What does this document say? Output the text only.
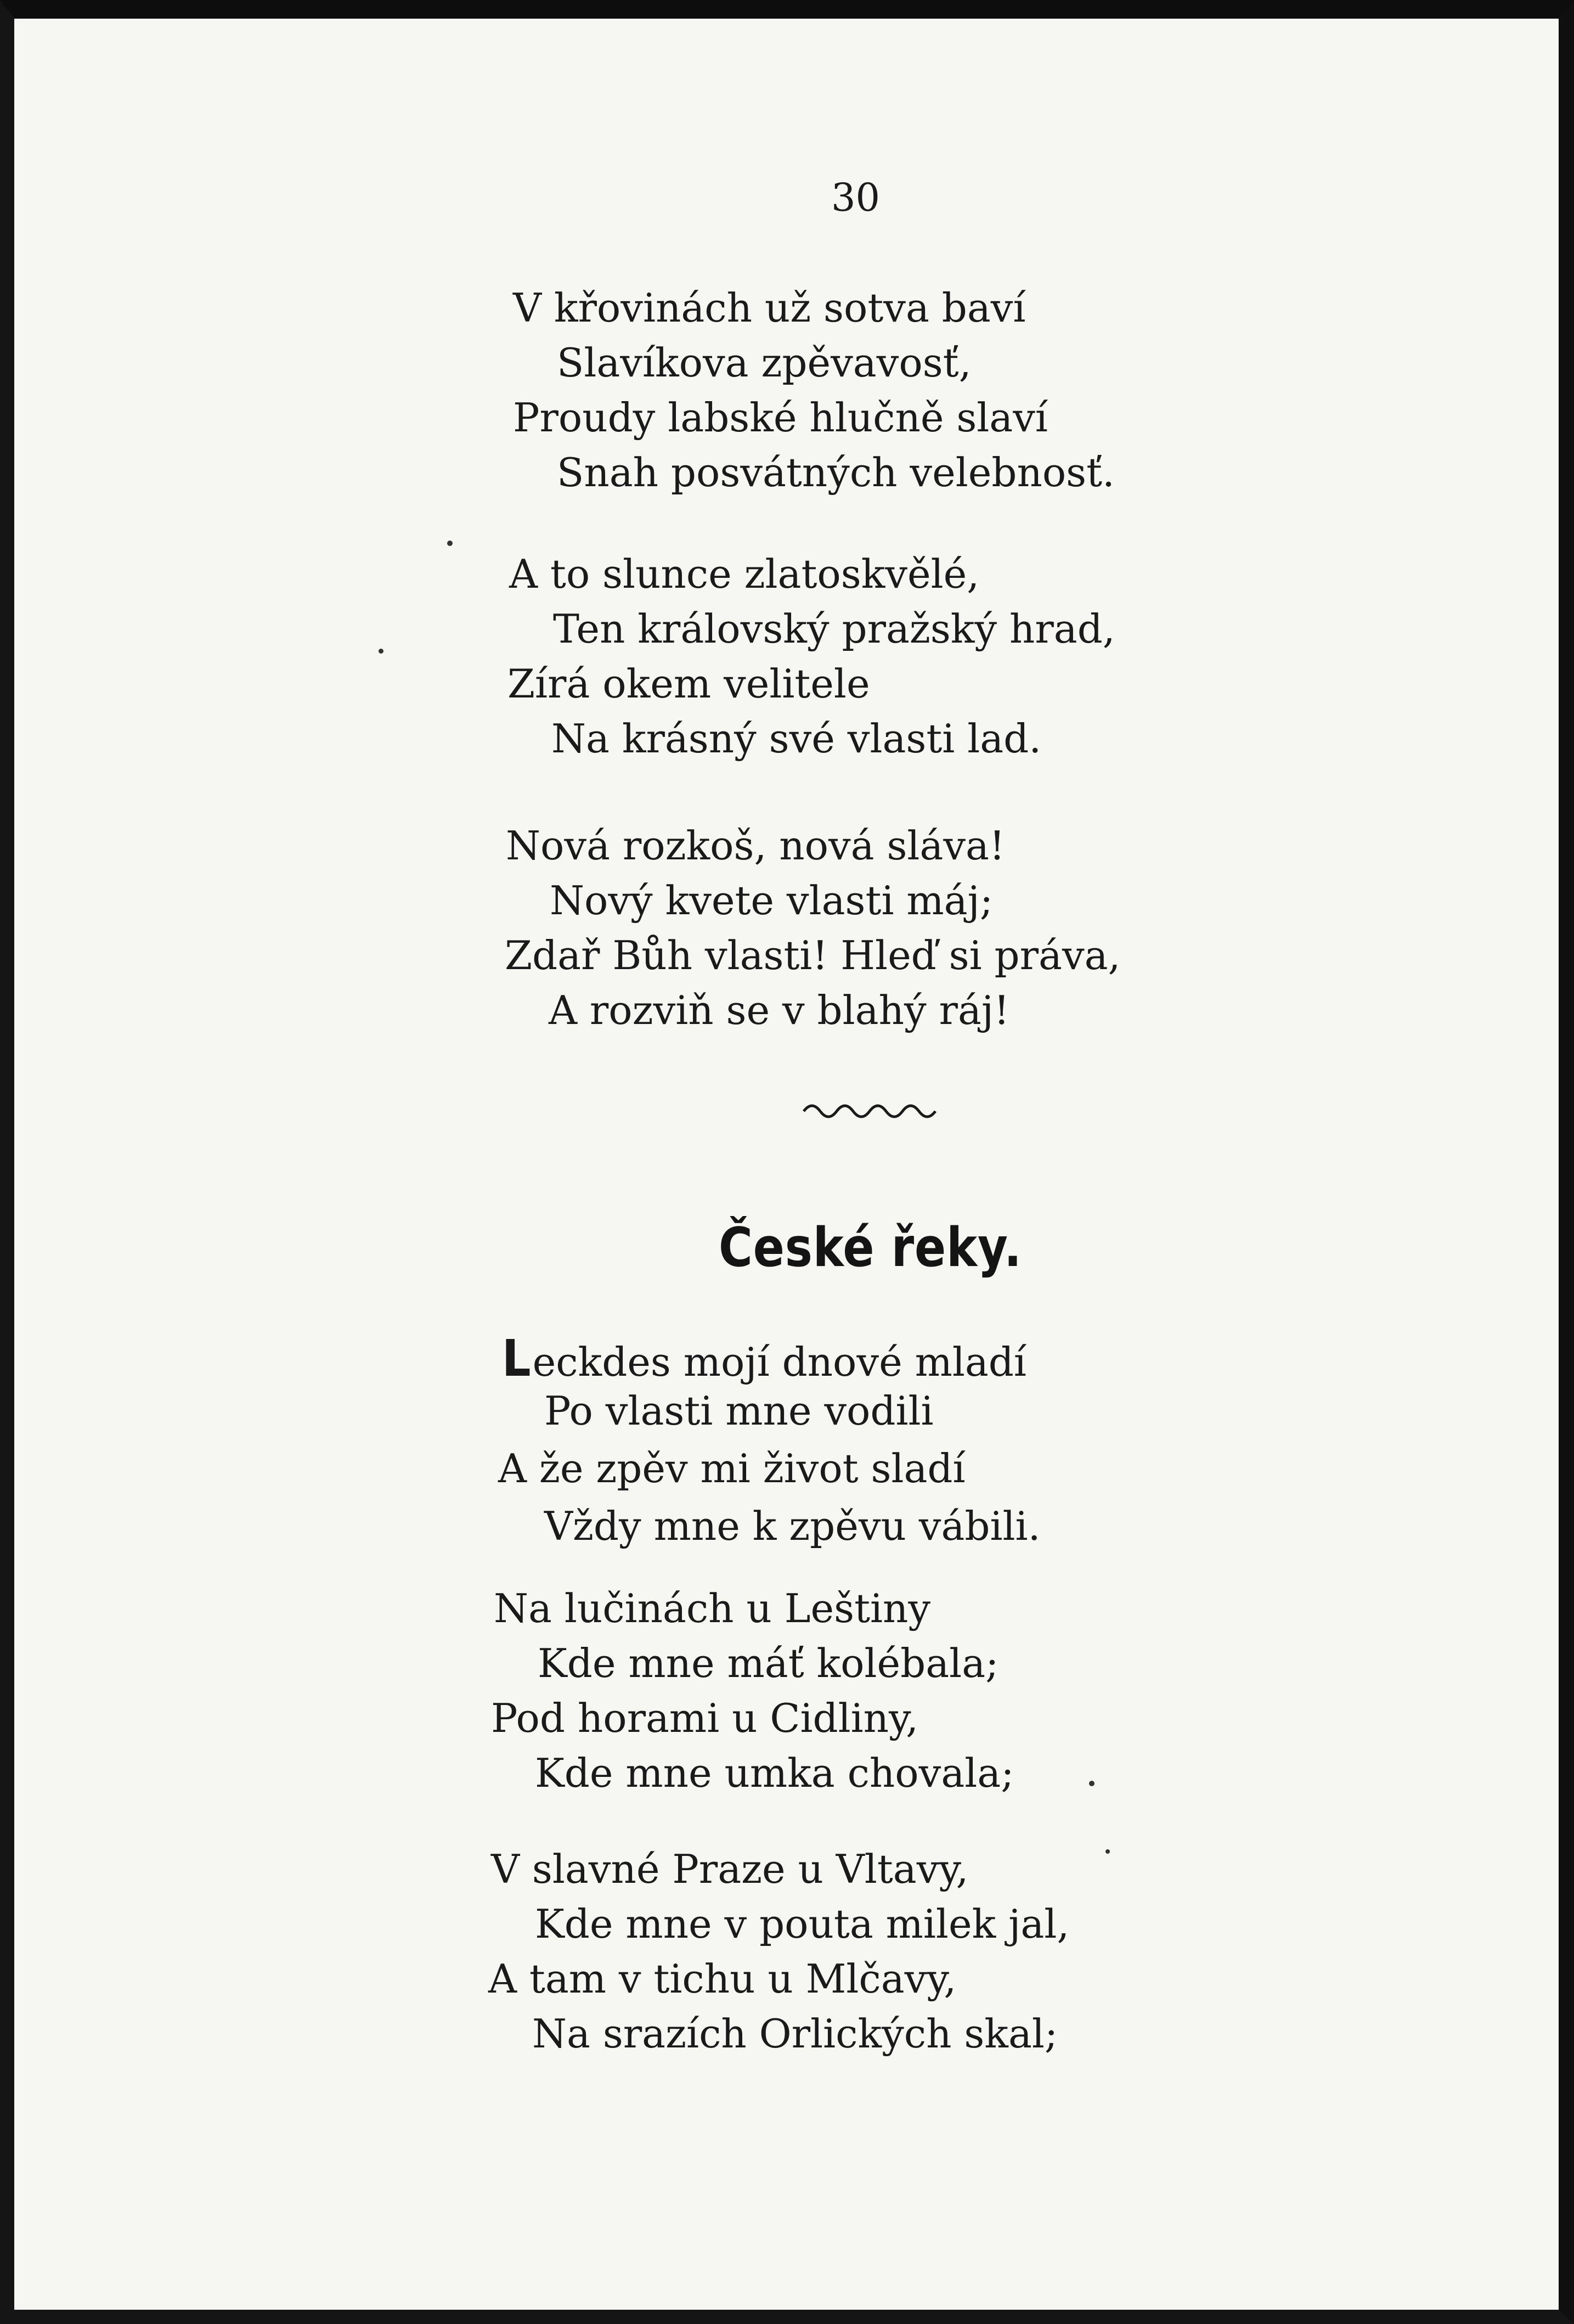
30
V křovinách už sotva baví
Slavíkova zpěvavosť,
Proudy labské hlučně slaví
Snah posvátných velebnosť.
A to slunce zlatoskvělé,
Ten královský pražský hrad,
Zírá okem velitele
Na krásný své vlasti lad.
Nová rozkoš, nová sláva!
Nový kvete vlasti máj;
Zdař Bůh vlasti! Hleď si práva,
A rozviň se v blahý ráj!
České řeky.
Leckdes mojí dnové mladí
Po vlasti mne vodili
A že zpěv mi život sladí
Vždy mne k zpěvu vábili.
Na lučinách u Leštiny
Kde mne máť kolébala;
Pod horami u Cidliny,
Kde mne umka chovala;
V slavné Praze u Vltavy,
Kde mne v pouta milek jal,
A tam v tichu u Mlčavy,
Na srazích Orlických skal;
